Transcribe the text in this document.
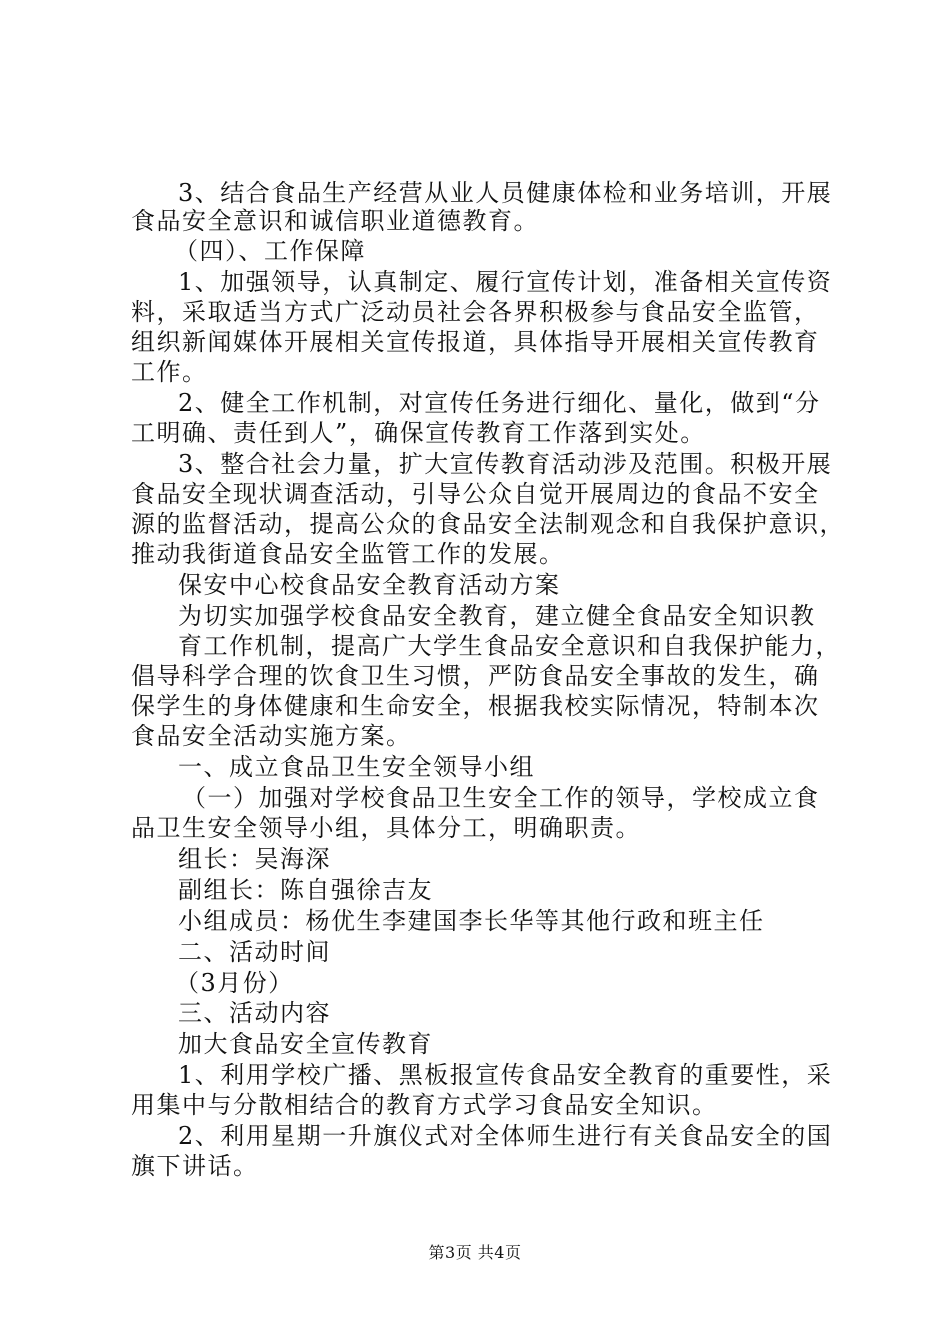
3、结合食品生产经营从业人员健康体检和业务培训，开展
食品安全意识和诚信职业道德教育。
（四）、工作保障
1、加强领导，认真制定、履行宣传计划，准备相关宣传资
料，采取适当方式广泛动员社会各界积极参与食品安全监管，
组织新闻媒体开展相关宣传报道，具体指导开展相关宣传教育
工作。
2、健全工作机制，对宣传任务进行细化、量化，做到“分
工明确、责任到人”，确保宣传教育工作落到实处。
3、整合社会力量，扩大宣传教育活动涉及范围。积极开展
食品安全现状调查活动，引导公众自觉开展周边的食品不安全
源的监督活动，提高公众的食品安全法制观念和自我保护意识，
推动我街道食品安全监管工作的发展。
保安中心校食品安全教育活动方案
为切实加强学校食品安全教育，建立健全食品安全知识教
育工作机制，提高广大学生食品安全意识和自我保护能力，
倡导科学合理的饮食卫生习惯，严防食品安全事故的发生，确
保学生的身体健康和生命安全，根据我校实际情况，特制本次
食品安全活动实施方案。
一、成立食品卫生安全领导小组
（一）加强对学校食品卫生安全工作的领导，学校成立食
品卫生安全领导小组，具体分工，明确职责。
组长：吴海深
副组长：陈自强徐吉友
小组成员：杨优生李建国李长华等其他行政和班主任
二、活动时间
（3月份）
三、活动内容
加大食品安全宣传教育
1、利用学校广播、黑板报宣传食品安全教育的重要性，采
用集中与分散相结合的教育方式学习食品安全知识。
2、利用星期一升旗仪式对全体师生进行有关食品安全的国
旗下讲话。
第3页 共4页
